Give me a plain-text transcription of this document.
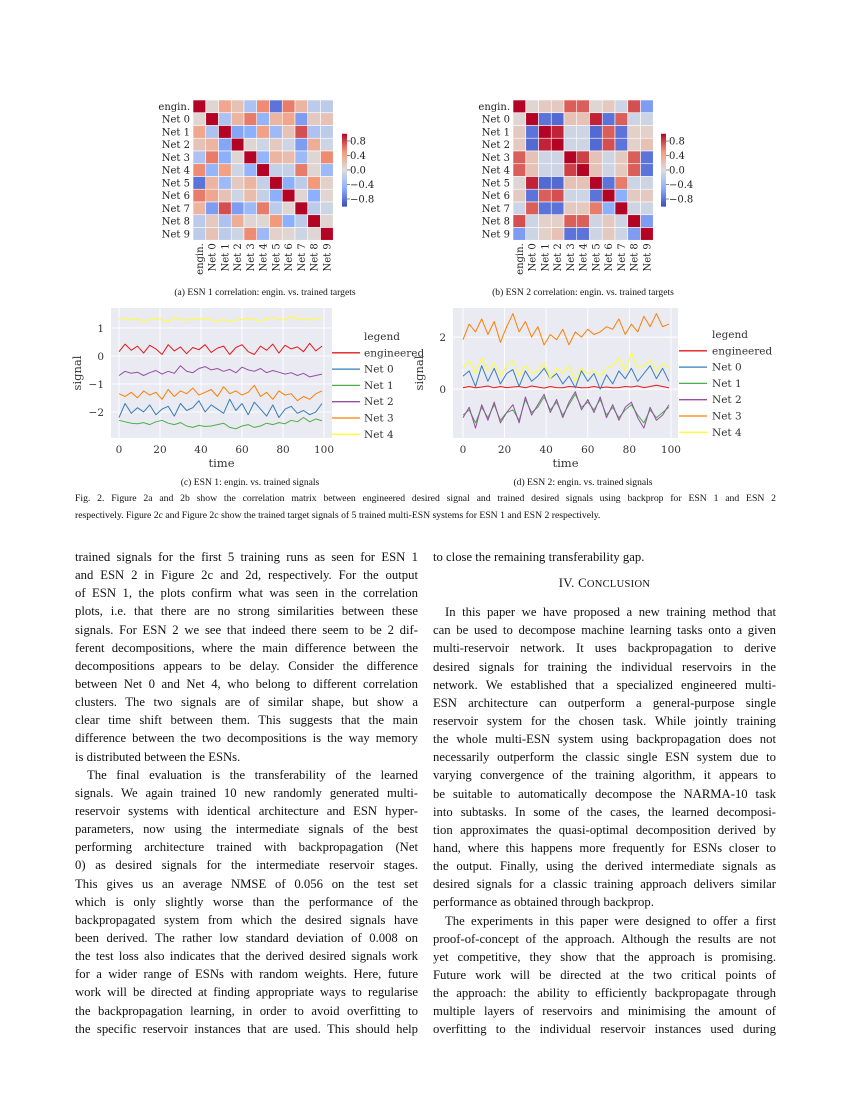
engin.
engin.
Net 0
Net 0
Net 1
Net 1
Net 2
Net 2
Net 3
Net 3
Net 4
Net 4
Net 5
Net 5
Net 6
Net 6
Net 7
Net 7
Net 8
Net 8
Net 9
Net 9
0.8
0.4
0.0
−0.4
−0.8
engin.
engin.
Net 0
Net 0
Net 1
Net 1
Net 2
Net 2
Net 3
Net 3
Net 4
Net 4
Net 5
Net 5
Net 6
Net 6
Net 7
Net 7
Net 8
Net 8
Net 9
Net 9
0.8
0.4
0.0
−0.4
−0.8
(a) ESN 1 correlation: engin. vs. trained targets	(b) ESN 2 correlation: engin. vs. trained targets
0	20	40	60	80 100
1
0
−1
−2
time
signal
legend
engineered
Net 0
Net 1
Net 2
Net 3
Net 4
0	20	40	60	80 100
2
0
time
signal
legend
engineered
Net 0
Net 1
Net 2
Net 3
Net 4
(c) ESN 1: engin. vs. trained signals	(d) ESN 2: engin. vs. trained signals
Fig. 2. Figure 2a and 2b show the correlation matrix between engineered desired signal and trained desired signals using backprop for ESN 1 and ESN 2
respectively. Figure 2c and Figure 2c show the trained target signals of 5 trained multi-ESN systems for ESN 1 and ESN 2 respectively.
trained signals for the first 5 training runs as seen for ESN 1
and ESN 2 in Figure 2c and 2d, respectively. For the output
of ESN 1, the plots confirm what was seen in the correlation
plots, i.e. that there are no strong similarities between these
signals. For ESN 2 we see that indeed there seem to be 2 dif-
ferent decompositions, where the main difference between the
decompositions appears to be delay. Consider the difference
between Net 0 and Net 4, who belong to different correlation
clusters. The two signals are of similar shape, but show a
clear time shift between them. This suggests that the main
difference between the two decompositions is the way memory
is distributed between the ESNs.
The final evaluation is the transferability of the learned
signals. We again trained 10 new randomly generated multi-
reservoir systems with identical architecture and ESN hyper-
parameters, now using the intermediate signals of the best
performing architecture trained with backpropagation (Net
0) as desired signals for the intermediate reservoir stages.
This gives us an average NMSE of 0.056 on the test set
which is only slightly worse than the performance of the
backpropagated system from which the desired signals have
been derived. The rather low standard deviation of 0.008 on
the test loss also indicates that the derived desired signals work
for a wider range of ESNs with random weights. Here, future
work will be directed at finding appropriate ways to regularise
the backpropagation learning, in order to avoid overfitting to
the specific reservoir instances that are used. This should help
to close the remaining transferability gap.
IV. CONCLUSION
In this paper we have proposed a new training method that
can be used to decompose machine learning tasks onto a given
multi-reservoir network. It uses backpropagation to derive
desired signals for training the individual reservoirs in the
network. We established that a specialized engineered multi-
ESN architecture can outperform a general-purpose single
reservoir system for the chosen task. While jointly training
the whole multi-ESN system using backpropagation does not
necessarily outperform the classic single ESN system due to
varying convergence of the training algorithm, it appears to
be suitable to automatically decompose the NARMA-10 task
into subtasks. In some of the cases, the learned decomposi-
tion approximates the quasi-optimal decomposition derived by
hand, where this happens more frequently for ESNs closer to
the output. Finally, using the derived intermediate signals as
desired signals for a classic training approach delivers similar
performance as obtained through backprop.
The experiments in this paper were designed to offer a first
proof-of-concept of the approach. Although the results are not
yet competitive, they show that the approach is promising.
Future work will be directed at the two critical points of
the approach: the ability to efficiently backpropagate through
multiple layers of reservoirs and minimising the amount of
overfitting to the individual reservoir instances used during
